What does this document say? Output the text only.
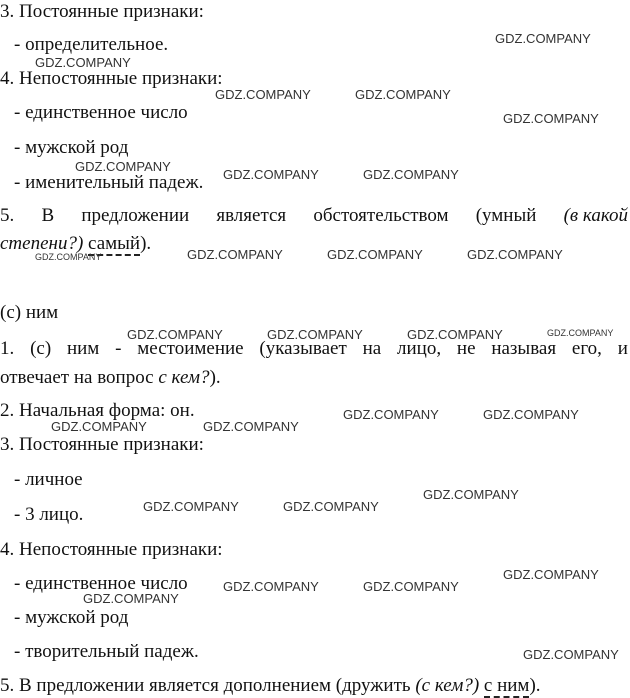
3. Постоянные признаки:
- определительное.
4. Непостоянные признаки:
- единственное число
- мужской род
- именительный падеж.
5. В предложении является обстоятельством (умный (в какой
степени?) самый).
(с) ним
1. (с) ним - местоимение (указывает на лицо, не называя его, и
отвечает на вопрос с кем?).
2. Начальная форма: он.
3. Постоянные признаки:
- личное
- 3 лицо.
4. Непостоянные признаки:
- единственное число
- мужской род
- творительный падеж.
5. В предложении является дополнением (дружить (с кем?) с ним).
GDZ.COMPANY
GDZ.COMPANY
GDZ.COMPANY	GDZ.COMPANY
GDZ.COMPANY
GDZ.COMPANY
GDZ.COMPANY	GDZ.COMPANY
GDZ.COMPANY	GDZ.COMPANY	GDZ.COMPANY	GDZ.COMPANY
GDZ.COMPANY	GDZ.COMPANY	GDZ.COMPANY	GDZ.COMPANY
GDZ.COMPANY	GDZ.COMPANY
GDZ.COMPANY	GDZ.COMPANY
GDZ.COMPANY
GDZ.COMPANY	GDZ.COMPANY
GDZ.COMPANY
GDZ.COMPANY	GDZ.COMPANY
GDZ.COMPANY
GDZ.COMPANY
